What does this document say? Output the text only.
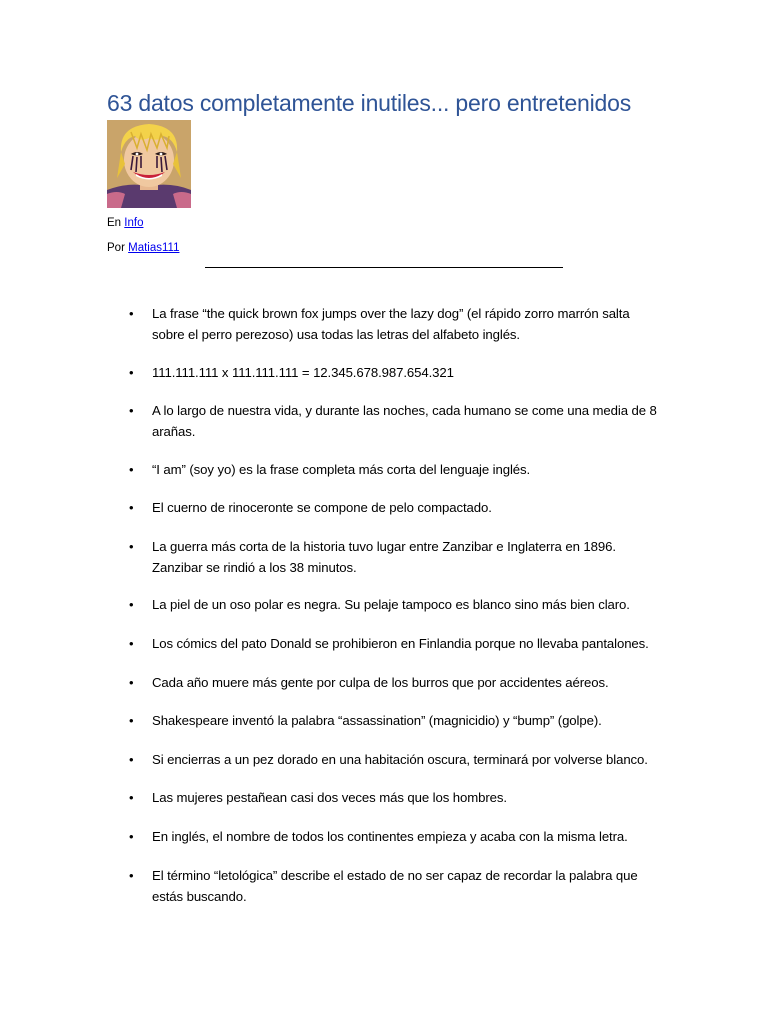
63 datos completamente inutiles... pero entretenidos

En Info

Por Matias111

• La frase “the quick brown fox jumps over the lazy dog” (el rápido zorro marrón salta sobre el perro perezoso) usa todas las letras del alfabeto inglés.
• 111.111.111 x 111.111.111 = 12.345.678.987.654.321
• A lo largo de nuestra vida, y durante las noches, cada humano se come una media de 8 arañas.
• “I am” (soy yo) es la frase completa más corta del lenguaje inglés.
• El cuerno de rinoceronte se compone de pelo compactado.
• La guerra más corta de la historia tuvo lugar entre Zanzibar e Inglaterra en 1896. Zanzibar se rindió a los 38 minutos.
• La piel de un oso polar es negra. Su pelaje tampoco es blanco sino más bien claro.
• Los cómics del pato Donald se prohibieron en Finlandia porque no llevaba pantalones.
• Cada año muere más gente por culpa de los burros que por accidentes aéreos.
• Shakespeare inventó la palabra “assassination” (magnicidio) y “bump” (golpe).
• Si encierras a un pez dorado en una habitación oscura, terminará por volverse blanco.
• Las mujeres pestañean casi dos veces más que los hombres.
• En inglés, el nombre de todos los continentes empieza y acaba con la misma letra.
• El término “letológica” describe el estado de no ser capaz de recordar la palabra que estás buscando.
